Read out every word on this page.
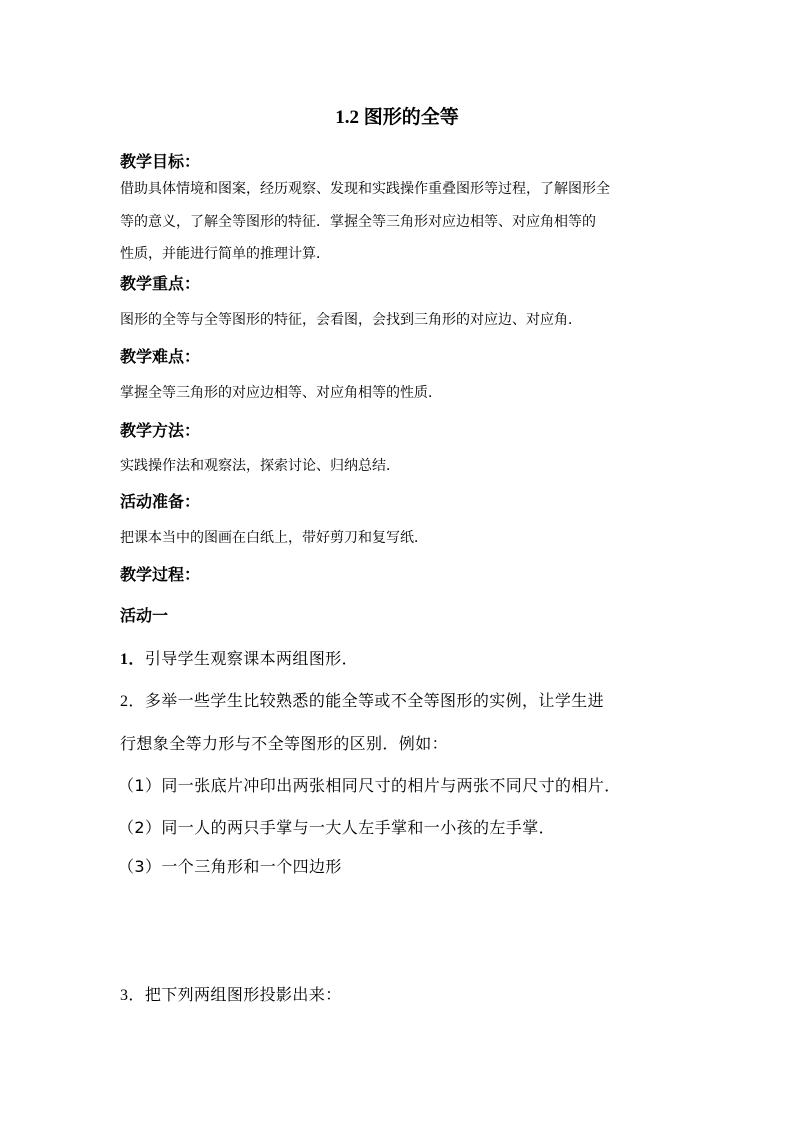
1.2 图形的全等
教学目标：
借助具体情境和图案，经历观察、发现和实践操作重叠图形等过程，了解图形全
等的意义，了解全等图形的特征．掌握全等三角形对应边相等、对应角相等的
性质，并能进行简单的推理计算．
教学重点：
图形的全等与全等图形的特征，会看图，会找到三角形的对应边、对应角．
教学难点：
掌握全等三角形的对应边相等、对应角相等的性质．
教学方法：
实践操作法和观察法，探索讨论、归纳总结．
活动准备：
把课本当中的图画在白纸上，带好剪刀和复写纸．
教学过程：
活动一
1．引导学生观察课本两组图形．
2．多举一些学生比较熟悉的能全等或不全等图形的实例，让学生进
行想象全等力形与不全等图形的区别．例如：
（1）同一张底片冲印出两张相同尺寸的相片与两张不同尺寸的相片．
（2）同一人的两只手掌与一大人左手掌和一小孩的左手掌．
（3）一个三角形和一个四边形
3．把下列两组图形投影出来：
